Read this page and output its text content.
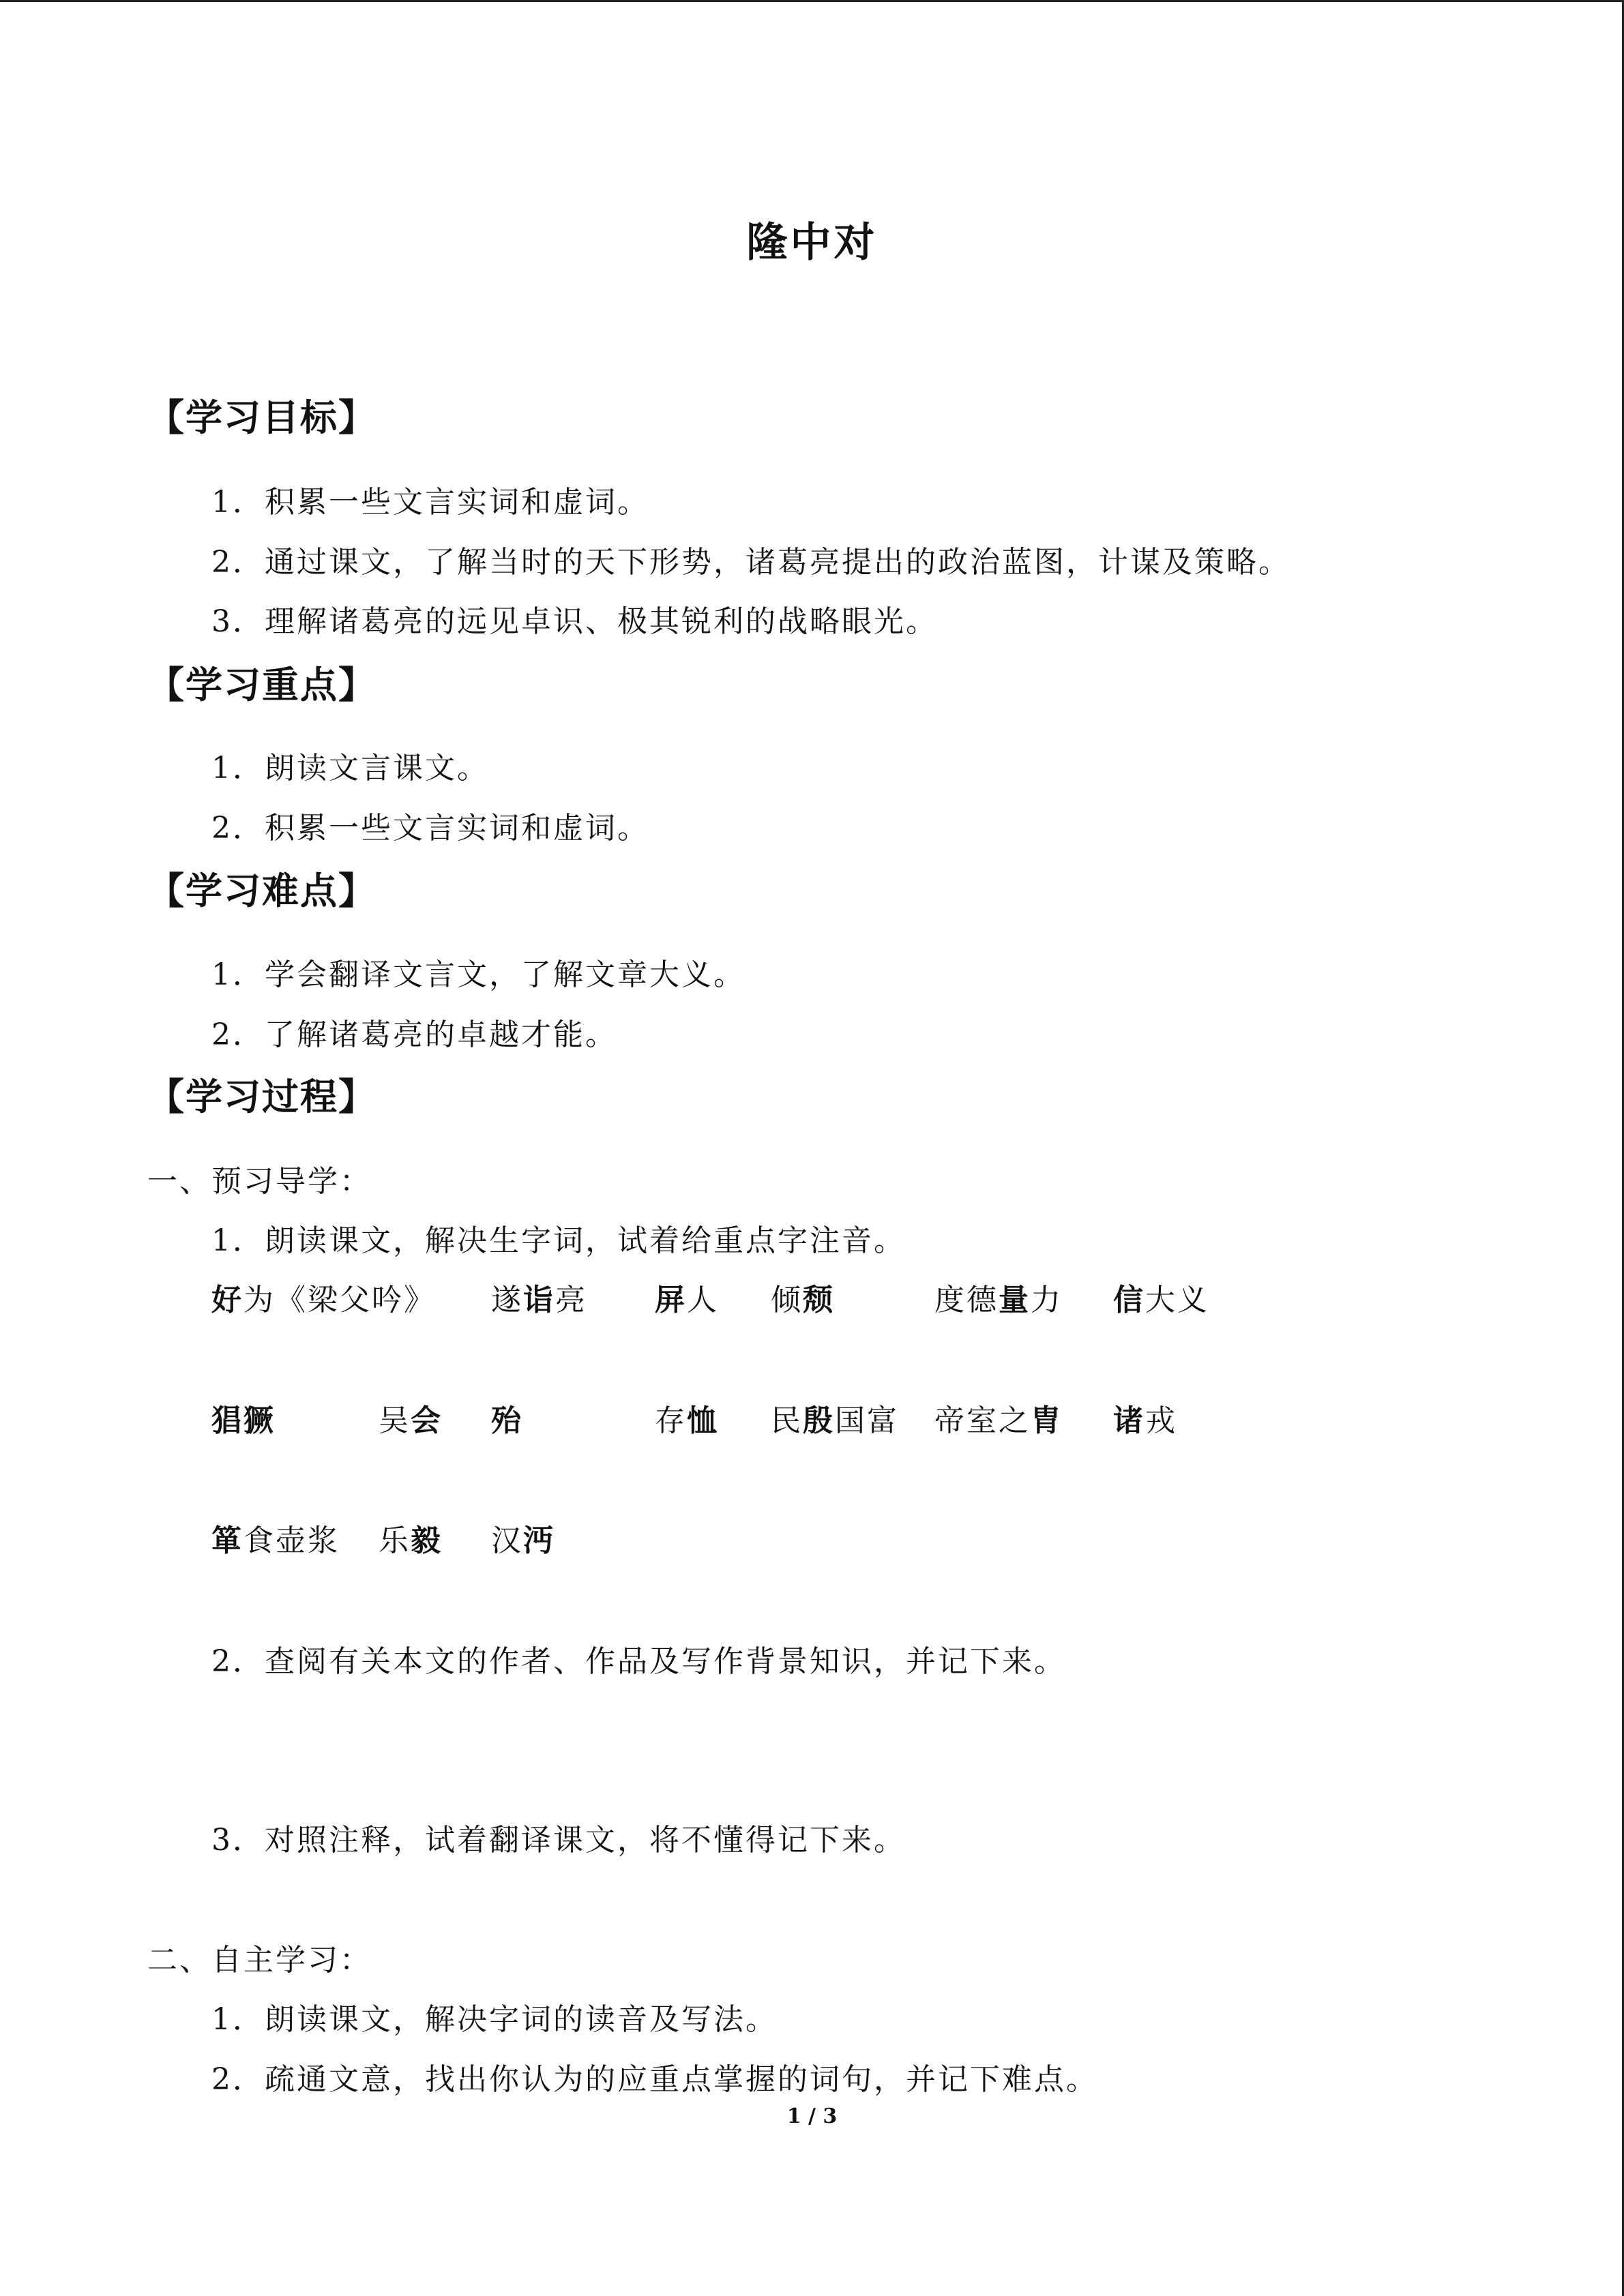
隆中对
【学习目标】
1．积累一些文言实词和虚词。
2．通过课文，了解当时的天下形势，诸葛亮提出的政治蓝图，计谋及策略。
3．理解诸葛亮的远见卓识、极其锐利的战略眼光。
【学习重点】
1．朗读文言课文。
2．积累一些文言实词和虚词。
【学习难点】
1．学会翻译文言文，了解文章大义。
2．了解诸葛亮的卓越才能。
【学习过程】
一、预习导学：
1．朗读课文，解决生字词，试着给重点字注音。
好为《梁父吟》 遂诣亮 屏人 倾颓	度德量力 信大义
猖獗	吴会 殆	存恤 民殷国富 帝室之胄 诸戎
箪食壶浆 乐毅 汉沔
2．查阅有关本文的作者、作品及写作背景知识，并记下来。
3．对照注释，试着翻译课文，将不懂得记下来。
二、自主学习：
1．朗读课文，解决字词的读音及写法。
2．疏通文意，找出你认为的应重点掌握的词句，并记下难点。
1 / 3
